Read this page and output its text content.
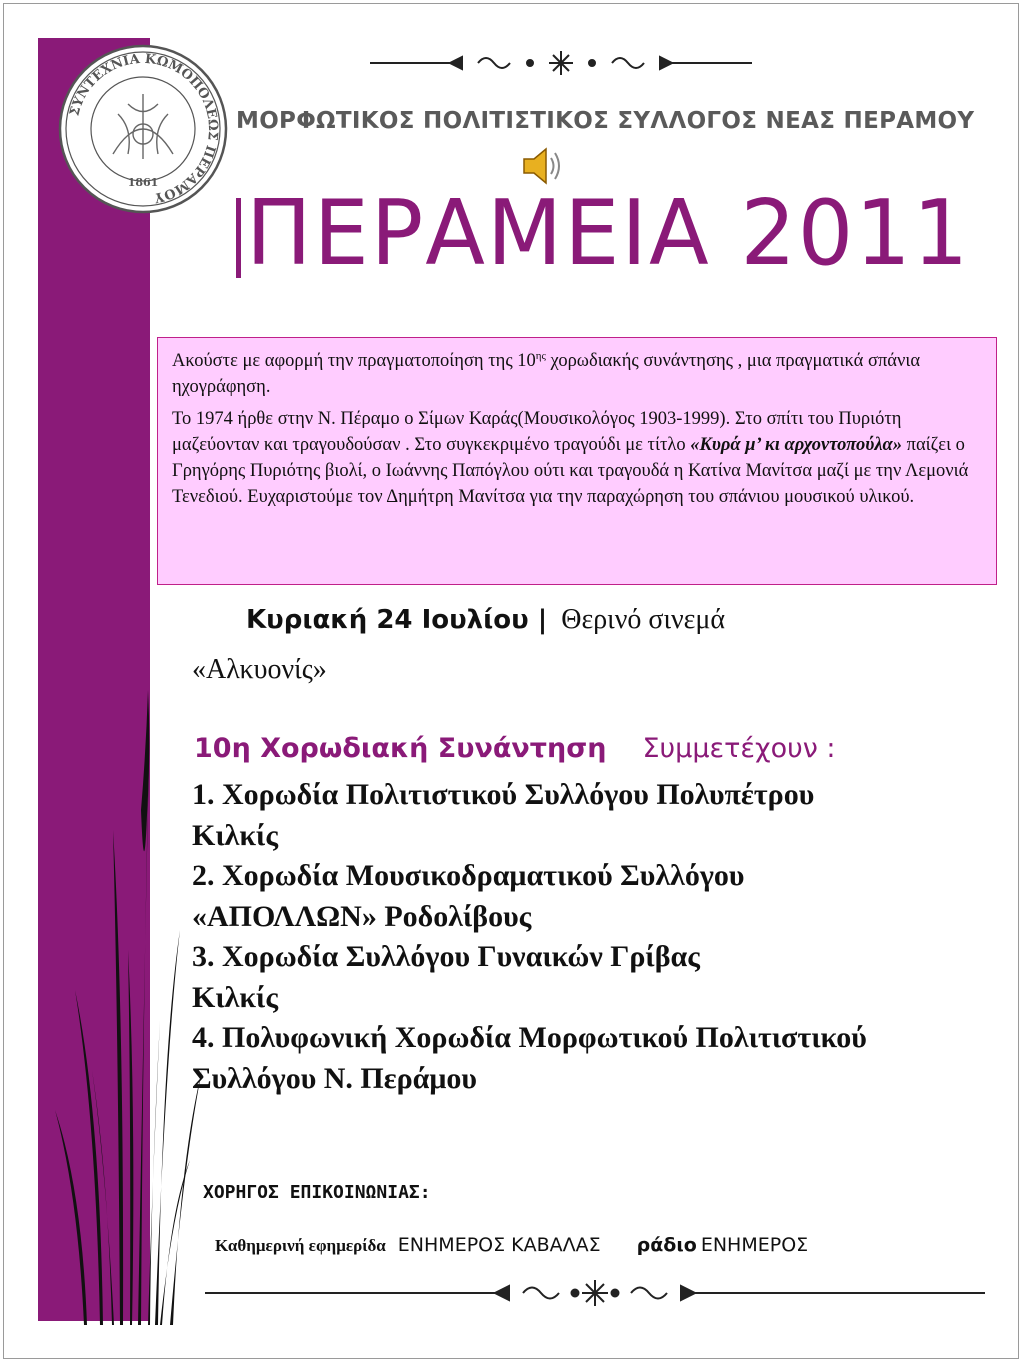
ΣΥΝΤΕΧΝΙΑ ΚΩΜΟΠΟΛΕΩΣ ΠΕΡΑΜΟΥ
1861
ΜΟΡΦΩΤΙΚΟΣ ΠΟΛΙΤΙΣΤΙΚΟΣ ΣΥΛΛΟΓΟΣ ΝΕΑΣ ΠΕΡΑΜΟΥ
ΠΕΡΑΜΕΙΑ 2011

Ακούστε με αφορμή την πραγματοποίηση της $10^{\eta\varsigma}$ χορωδιακής συνάντησης , μια πραγματικά σπάνια ηχογράφηση.

Το 1974 ήρθε στην Ν. Πέραμο ο Σίμων Καράς(Μουσικολόγος 1903-1999). Στο σπίτι του Πυριότη μαζεύονταν και τραγουδούσαν . Στο συγκεκριμένο τραγούδι με τίτλο «Κυρά μ’ κι αρχοντοπούλα» παίζει ο Γρηγόρης Πυριότης βιολί, ο Ιωάννης Παπόγλου ούτι και τραγουδά η Κατίνα Μανίτσα μαζί με την Λεμονιά Τενεδιού. Ευχαριστούμε τον Δημήτρη Μανίτσα για την παραχώρηση του σπάνιου μουσικού υλικού.

Κυριακή 24 Ιουλίου | Θερινό σινεμά
«Αλκυονίς»
10η Χορωδιακή Συνάντηση Συμμετέχουν :
1. Χορωδία Πολιτιστικού Συλλόγου Πολυπέτρου
Κιλκίς
2. Χορωδία Μουσικοδραματικού Συλλόγου
«ΑΠΟΛΛΩΝ» Ροδολίβους
3. Χορωδία Συλλόγου Γυναικών Γρίβας
Κιλκίς
4. Πολυφωνική Χορωδία Μορφωτικού Πολιτιστικού
Συλλόγου Ν. Περάμου
ΧΟΡΗΓΟΣ ΕΠΙΚΟΙΝΩΝΙΑΣ:
Καθημερινή εφημερίδα ΕΝΗΜΕΡΟΣ ΚΑΒΑΛΑΣ ράδιο ΕΝΗΜΕΡΟΣ
